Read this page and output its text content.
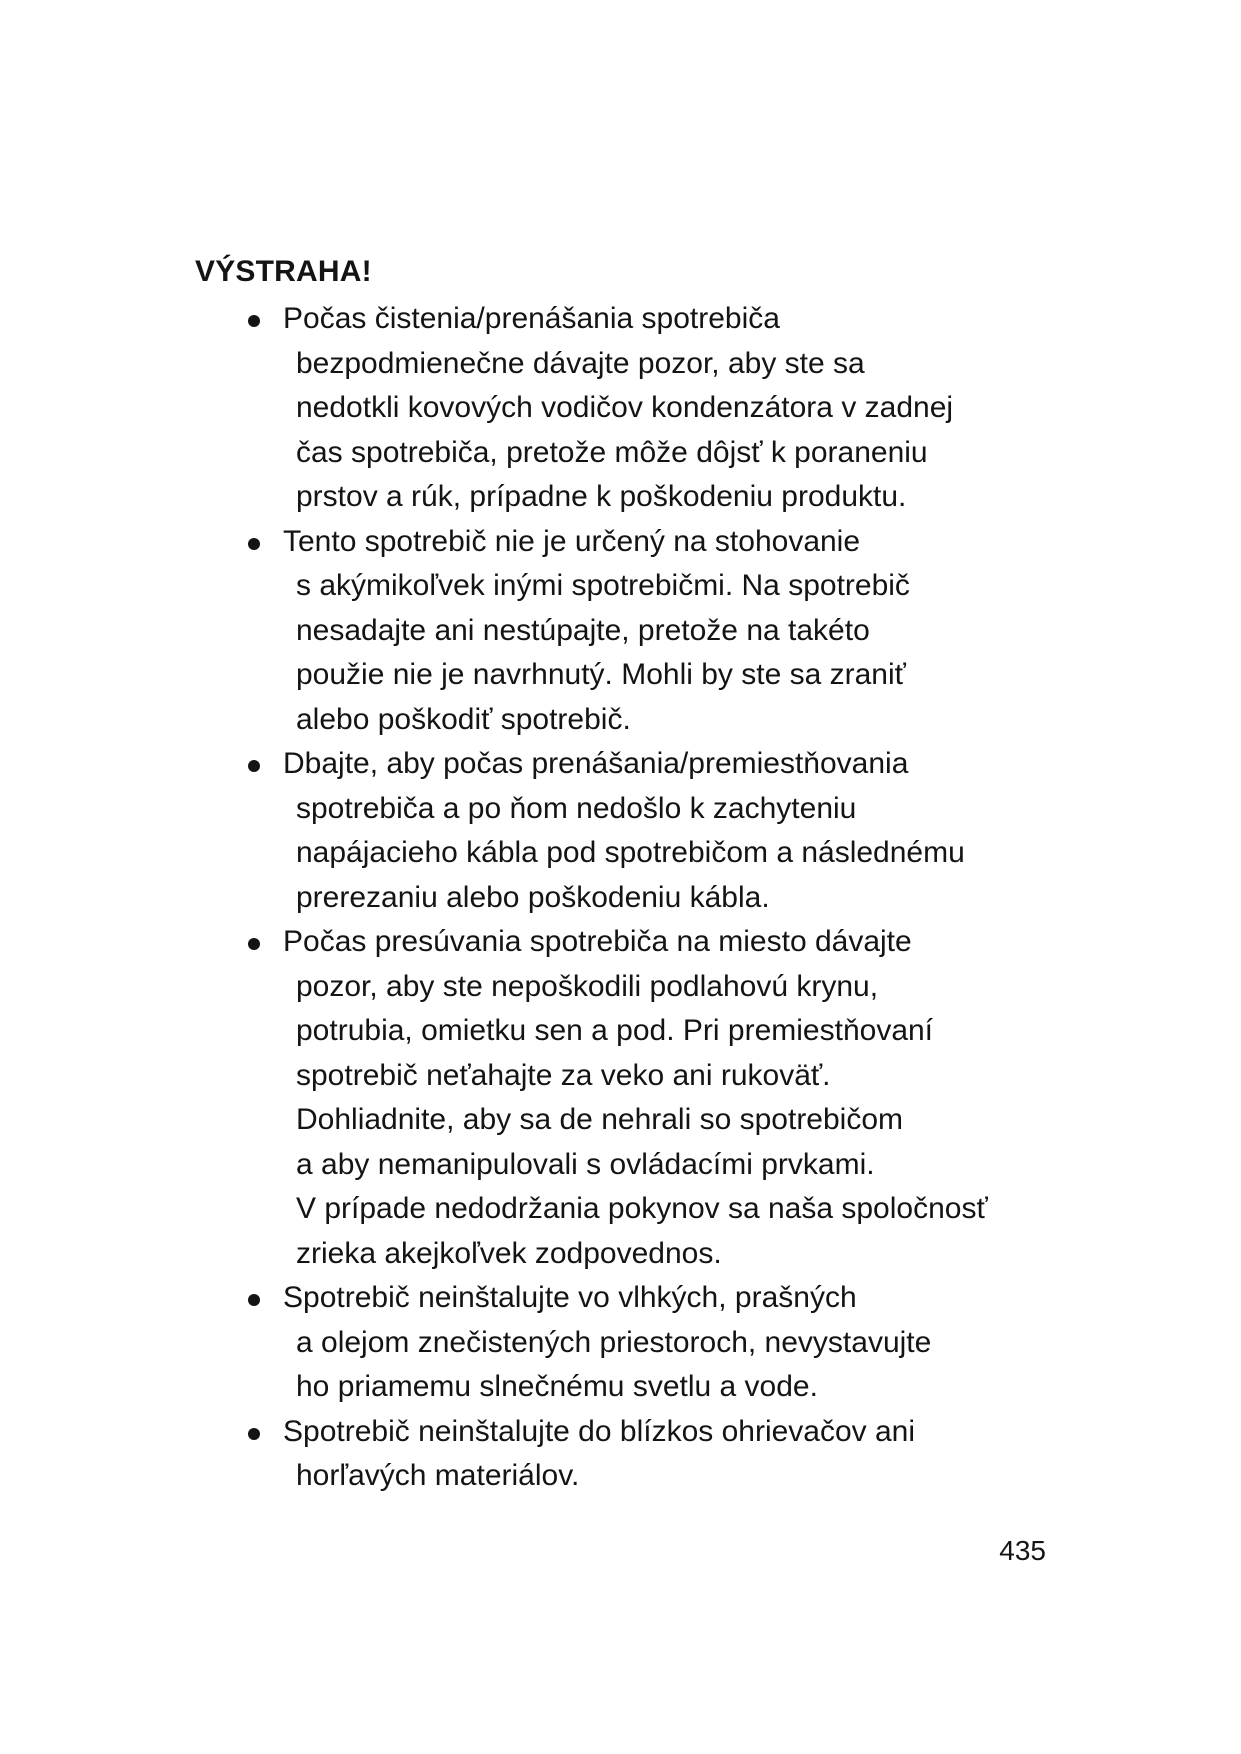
VÝSTRAHA!
Počas čistenia/prenášania spotrebiča
bezpodmienečne dávajte pozor, aby ste sa
nedotkli kovových vodičov kondenzátora v zadnej
čas spotrebiča, pretože môže dôjsť k poraneniu
prstov a rúk, prípadne k poškodeniu produktu.
Tento spotrebič nie je určený na stohovanie
s akýmikoľvek inými spotrebičmi. Na spotrebič
nesadajte ani nestúpajte, pretože na takéto
použie nie je navrhnutý. Mohli by ste sa zraniť
alebo poškodiť spotrebič.
Dbajte, aby počas prenášania/premiestňovania
spotrebiča a po ňom nedošlo k zachyteniu
napájacieho kábla pod spotrebičom a následnému
prerezaniu alebo poškodeniu kábla.
Počas presúvania spotrebiča na miesto dávajte
pozor, aby ste nepoškodili podlahovú krynu,
potrubia, omietku sen a pod. Pri premiestňovaní
spotrebič neťahajte za veko ani rukoväť.
Dohliadnite, aby sa de nehrali so spotrebičom
a aby nemanipulovali s ovládacími prvkami.
V prípade nedodržania pokynov sa naša spoločnosť
zrieka akejkoľvek zodpovednos.
Spotrebič neinštalujte vo vlhkých, prašných
a olejom znečistených priestoroch, nevystavujte
ho priamemu slnečnému svetlu a vode.
Spotrebič neinštalujte do blízkos ohrievačov ani
horľavých materiálov.
435
